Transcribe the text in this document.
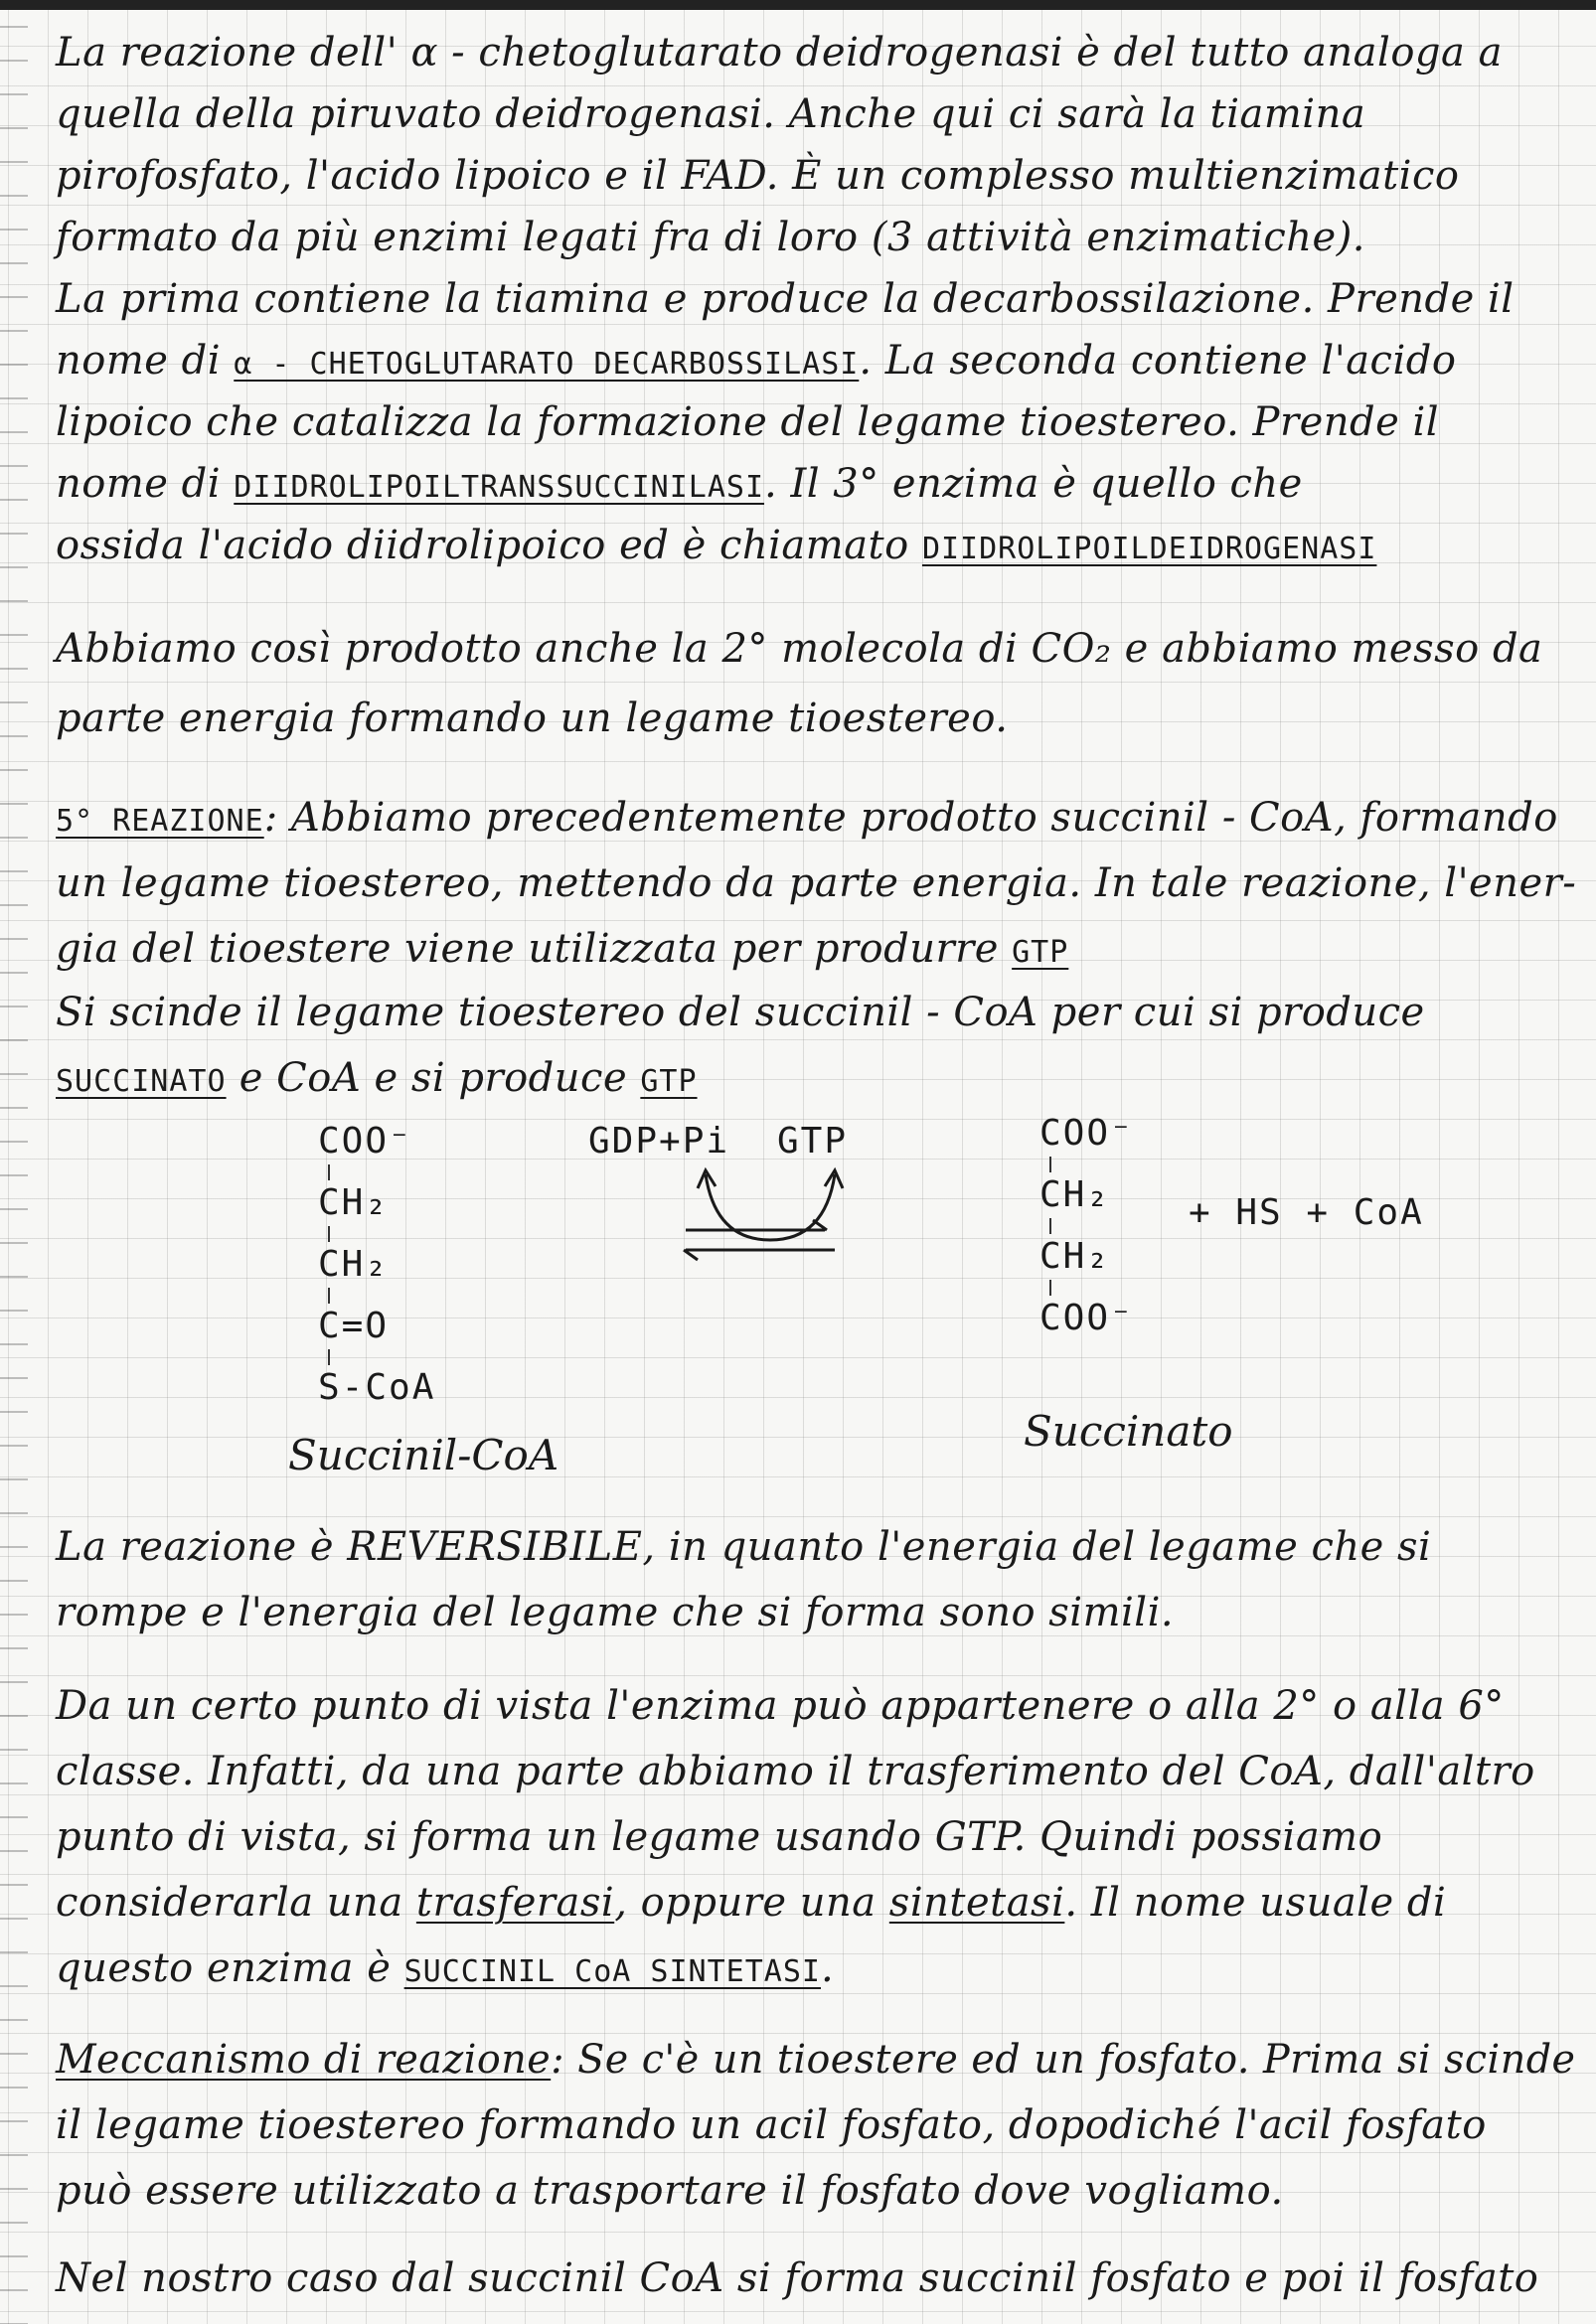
La reazione dell' α - chetoglutarato deidrogenasi è del tutto analoga a
quella della piruvato deidrogenasi. Anche qui ci sarà la tiamina
pirofosfato, l'acido lipoico e il FAD. È un complesso multienzimatico
formato da più enzimi legati fra di loro (3 attività enzimatiche).
La prima contiene la tiamina e produce la decarbossilazione. Prende il
nome di α - CHETOGLUTARATO DECARBOSSILASI. La seconda contiene l'acido
lipoico che catalizza la formazione del legame tioestereo. Prende il
nome di DIIDROLIPOILTRANSSUCCINILASI. Il 3° enzima è quello che
ossida l'acido diidrolipoico ed è chiamato DIIDROLIPOILDEIDROGENASI
Abbiamo così prodotto anche la 2° molecola di CO₂ e abbiamo messo da
parte energia formando un legame tioestereo.
5° REAZIONE: Abbiamo precedentemente prodotto succinil - CoA, formando
un legame tioestereo, mettendo da parte energia. In tale reazione, l'ener-
gia del tioestere viene utilizzata per produrre GTP
Si scinde il legame tioestereo del succinil - CoA per cui si produce
SUCCINATO e CoA e si produce GTP
COO⁻
CH₂
CH₂
C=O
S-CoA
Succinil-CoA
GDP+Pi GTP	COO⁻
CH₂
CH₂
COO⁻
+ HS + CoA
Succinato
La reazione è REVERSIBILE, in quanto l'energia del legame che si
rompe e l'energia del legame che si forma sono simili.
Da un certo punto di vista l'enzima può appartenere o alla 2° o alla 6°
classe. Infatti, da una parte abbiamo il trasferimento del CoA, dall'altro
punto di vista, si forma un legame usando GTP. Quindi possiamo
considerarla una trasferasi, oppure una sintetasi. Il nome usuale di
questo enzima è SUCCINIL CoA SINTETASI.
Meccanismo di reazione: Se c'è un tioestere ed un fosfato. Prima si scinde
il legame tioestereo formando un acil fosfato, dopodiché l'acil fosfato
può essere utilizzato a trasportare il fosfato dove vogliamo.
Nel nostro caso dal succinil CoA si forma succinil fosfato e poi il fosfato
